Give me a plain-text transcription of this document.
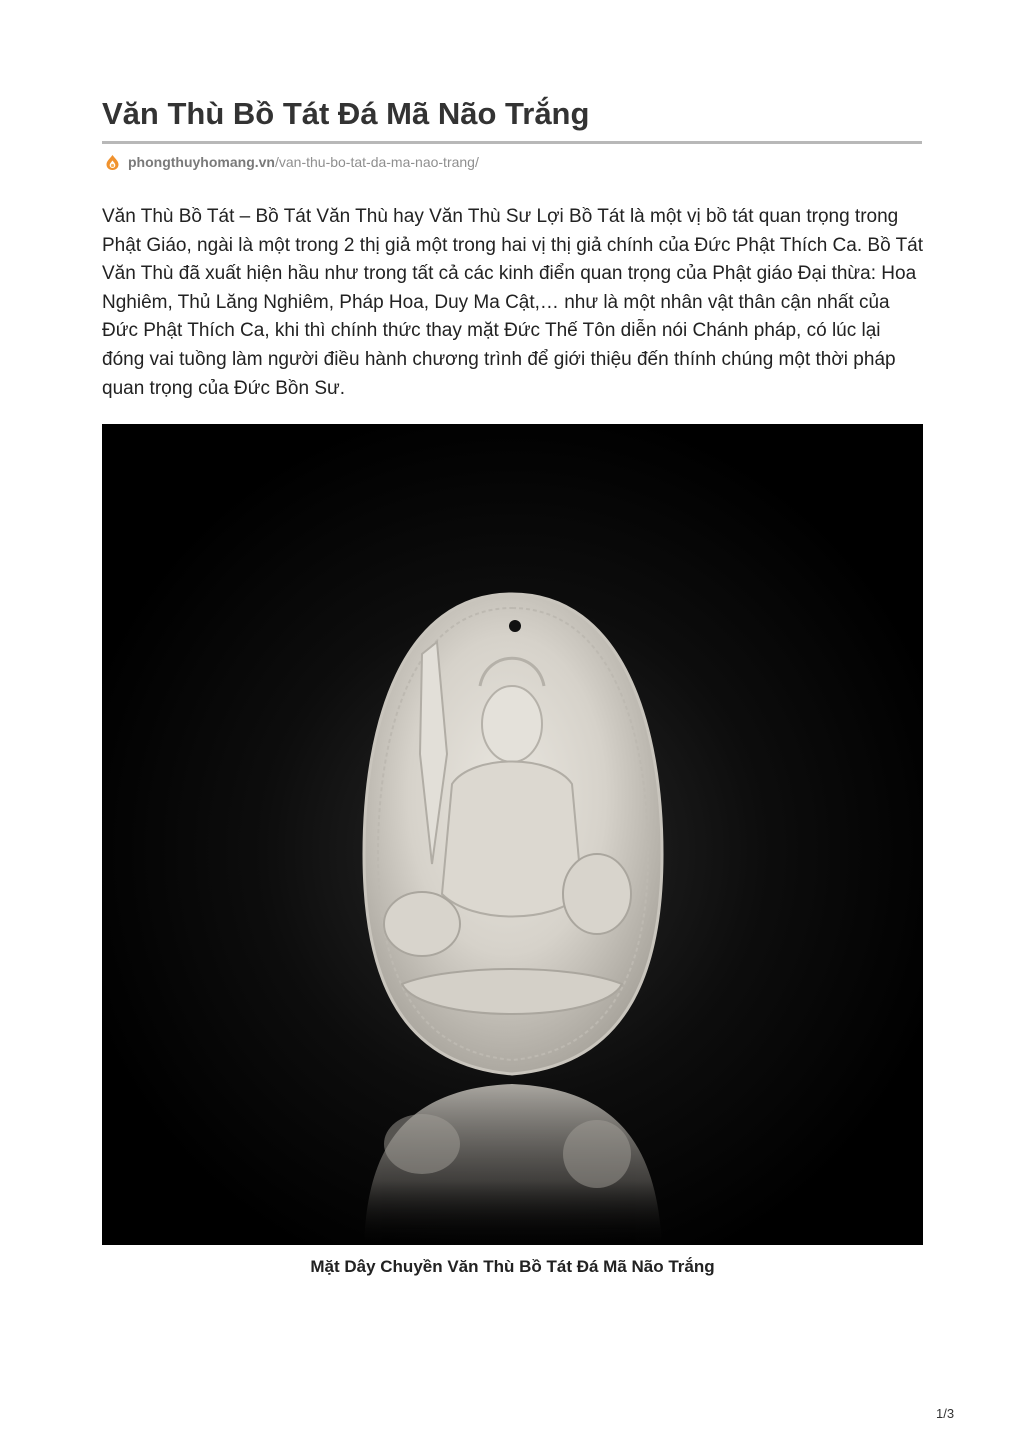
Văn Thù Bồ Tát Đá Mã Não Trắng
phongthuyhomang.vn /van-thu-bo-tat-da-ma-nao-trang/

Văn Thù Bồ Tát – Bồ Tát Văn Thù hay Văn Thù Sư Lợi Bồ Tát là một vị bồ tát quan trọng trong Phật Giáo, ngài là một trong 2 thị giả một trong hai vị thị giả chính của Đức Phật Thích Ca. Bồ Tát Văn Thù đã xuất hiện hầu như trong tất cả các kinh điển quan trọng của Phật giáo Đại thừa: Hoa Nghiêm, Thủ Lăng Nghiêm, Pháp Hoa, Duy Ma Cật,… như là một nhân vật thân cận nhất của Đức Phật Thích Ca, khi thì chính thức thay mặt Đức Thế Tôn diễn nói Chánh pháp, có lúc lại đóng vai tuồng làm người điều hành chương trình để giới thiệu đến thính chúng một thời pháp quan trọng của Đức Bồn Sư.

Mặt Dây Chuyền Văn Thù Bồ Tát Đá Mã Não Trắng
1/3
